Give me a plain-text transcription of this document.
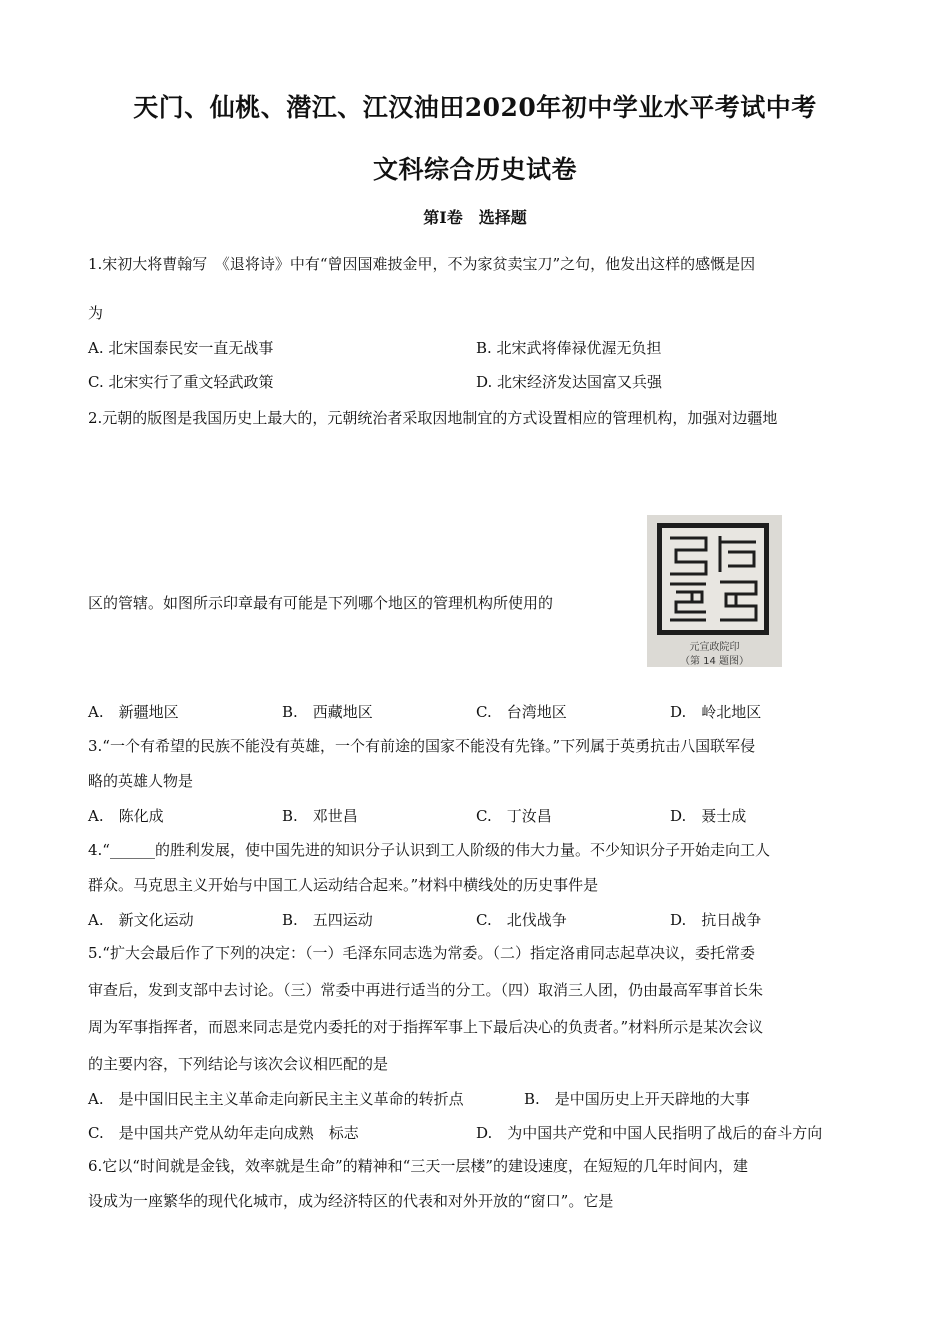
天门、仙桃、潜江、江汉油田2020年初中学业水平考试中考
文科综合历史试卷
第Ⅰ卷　选择题
1.宋初大将曹翰写　《退将诗》中有“曾因国难披金甲，不为家贫卖宝刀”之句，他发出这样的感慨是因
为
A. 北宋国泰民安一直无战事	B. 北宋武将俸禄优渥无负担
C. 北宋实行了重文轻武政策	D. 北宋经济发达国富又兵强
2.元朝的版图是我国历史上最大的，元朝统治者采取因地制宜的方式设置相应的管理机构，加强对边疆地
区的管辖。如图所示印章最有可能是下列哪个地区的管理机构所使用的
元宣政院印
（第 14 题图）
A.　新疆地区	B.　西藏地区	C.　台湾地区	D.　岭北地区
3.“一个有希望的民族不能没有英雄，一个有前途的国家不能没有先锋。”下列属于英勇抗击八国联军侵
略的英雄人物是
A.　陈化成	B.　邓世昌	C.　丁汝昌	D.　聂士成
4.“______的胜利发展，使中国先进的知识分子认识到工人阶级的伟大力量。不少知识分子开始走向工人
群众。马克思主义开始与中国工人运动结合起来。”材料中横线处的历史事件是
A.　新文化运动	B.　五四运动	C.　北伐战争	D.　抗日战争
5.“扩大会最后作了下列的决定：（一）毛泽东同志选为常委。（二）指定洛甫同志起草决议，委托常委
审查后，发到支部中去讨论。（三）常委中再进行适当的分工。（四）取消三人团，仍由最高军事首长朱
周为军事指挥者，而恩来同志是党内委托的对于指挥军事上下最后决心的负责者。”材料所示是某次会议
的主要内容，下列结论与该次会议相匹配的是
A.　是中国旧民主主义革命走向新民主主义革命的转折点	B.　是中国历史上开天辟地的大事
C.　是中国共产党从幼年走向成熟　标志	D.　为中国共产党和中国人民指明了战后的奋斗方向
6.它以“时间就是金钱，效率就是生命”的精神和“三天一层楼”的建设速度，在短短的几年时间内，建
设成为一座繁华的现代化城市，成为经济特区的代表和对外开放的“窗口”。它是
